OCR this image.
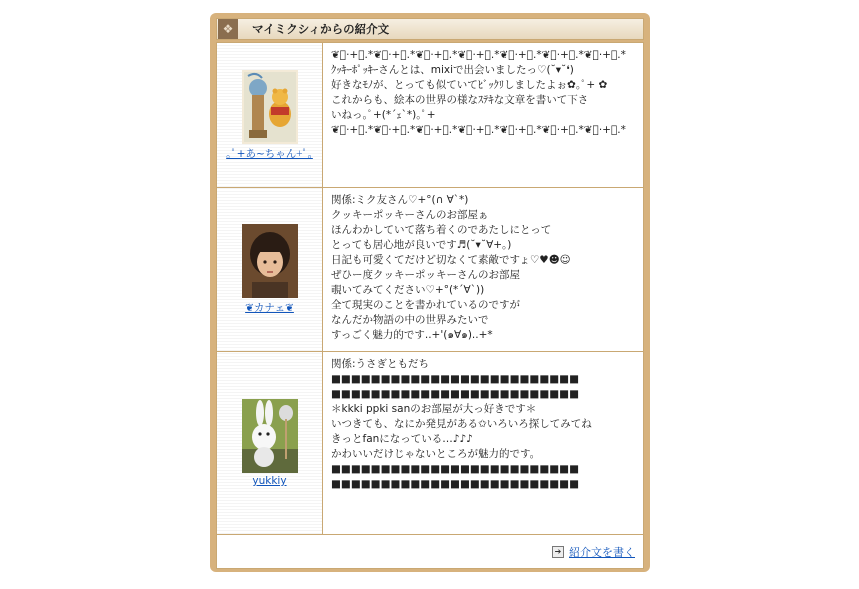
❖	マイミクシィからの紹介文
｡ﾟ+あ~ちゃん+ﾟ｡
❦ﾟ·+｡.*❦ﾟ·+｡.*❦ﾟ·+｡.*❦ﾟ·+｡.*❦ﾟ·+｡.*❦ﾟ·+｡.*❦ﾟ·+｡.*
ｸｯｷｰﾎﾟｯｷｰさんとは、mixiで出会いましたっ♡(˘▾˘❛)
好きなﾓﾉが、とっても似ていてﾋﾞｯｸﾘしましたよぉ✿｡ﾟ+ ✿
これからも、絵本の世界の様なｽﾃｷな文章を書いて下さ
いねっ｡ﾟ+(*´ｪ`*)｡ﾟ+
❦ﾟ·+｡.*❦ﾟ·+｡.*❦ﾟ·+｡.*❦ﾟ·+｡.*❦ﾟ·+｡.*❦ﾟ·+｡.*❦ﾟ·+｡.*
❦カナェ❦
関係:ミク友さん♡+°(∩ ∀`*)
クッキーポッキーさんのお部屋ぁ
ほんわかしていて落ち着くのであたしにとって
とっても居心地が良いです♬(˘▾˘∀+｡)
日記も可愛くてだけど切なくて素敵ですょ♡♥☻☺
ぜひー度クッキーポッキーさんのお部屋
覗いてみてください♡+°(*´∀`))
全て現実のことを書かれているのですが
なんだか物語の中の世界みたいで
すっごく魅力的です..+'(๑∀๑)..+*
yukkiy
関係:うさぎともだち
■■■■■■■■■■■■■■■■■■■■■■■■■
■■■■■■■■■■■■■■■■■■■■■■■■■
＊kkki ppki sanのお部屋が大っ好きです＊
いつきても、なにか発見がある✩いろいろ探してみてね
きっとfanになっている…♪♪♪
かわいいだけじゃないところが魅力的です。
■■■■■■■■■■■■■■■■■■■■■■■■■
■■■■■■■■■■■■■■■■■■■■■■■■■
➔ 紹介文を書く
